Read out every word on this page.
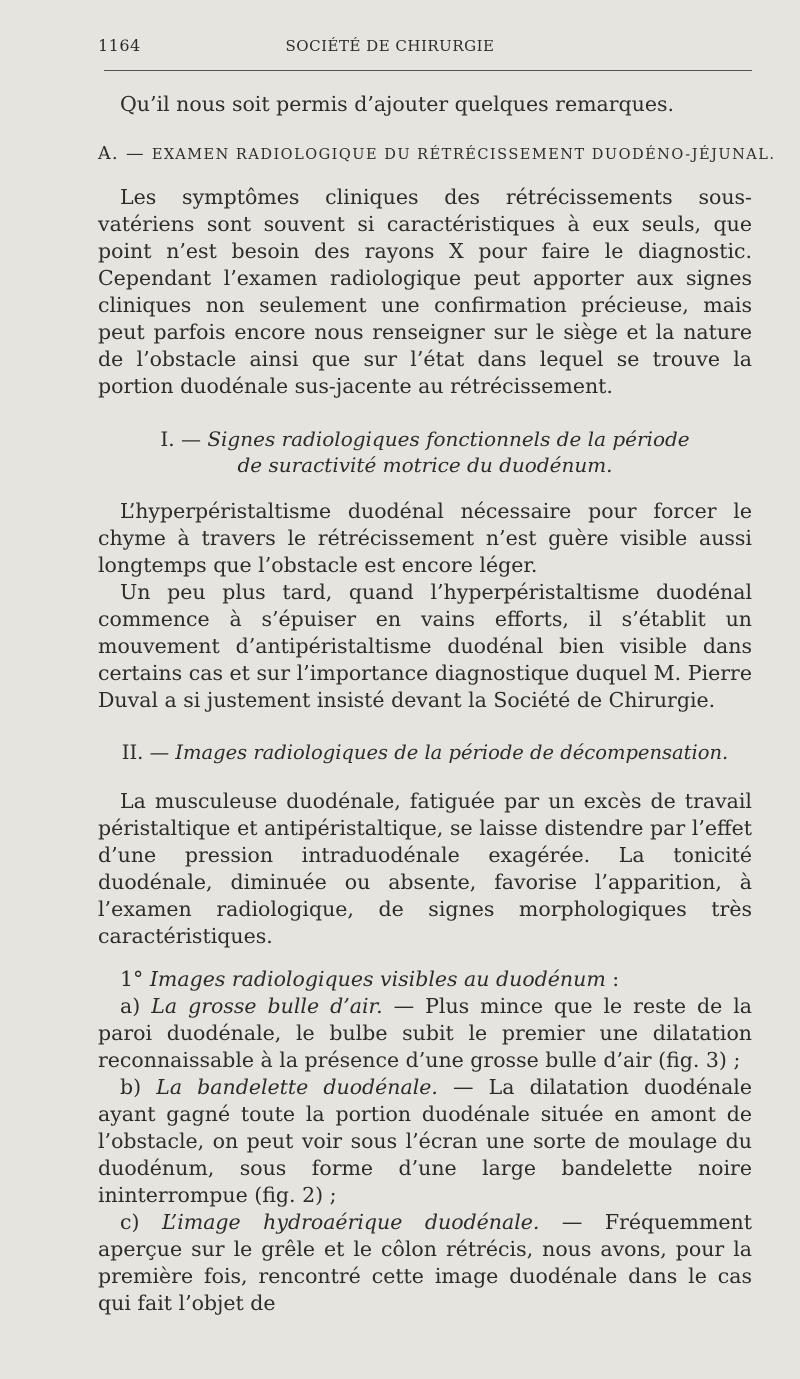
1164	SOCIÉTÉ DE CHIRURGIE

Qu’il nous soit permis d’ajouter quelques remarques.

A. — EXAMEN RADIOLOGIQUE DU RÉTRÉCISSEMENT DUODÉNO-JÉJUNAL.

Les symptômes cliniques des rétrécissements sous-vatériens sont souvent si caractéristiques à eux seuls, que point n’est besoin des rayons X pour faire le diagnostic. Cependant l’examen radiologique peut apporter aux signes cliniques non seulement une confirmation précieuse, mais peut parfois encore nous renseigner sur le siège et la nature de l’obstacle ainsi que sur l’état dans lequel se trouve la portion duodénale sus-jacente au rétrécissement.

I. — Signes radiologiques fonctionnels de la période
de suractivité motrice du duodénum.

L’hyperpéristaltisme duodénal nécessaire pour forcer le chyme à travers le rétrécissement n’est guère visible aussi longtemps que l’obstacle est encore léger.

Un peu plus tard, quand l’hyperpéristaltisme duodénal commence à s’épuiser en vains efforts, il s’établit un mouvement d’antipéristaltisme duodénal bien visible dans certains cas et sur l’importance diagnostique duquel M. Pierre Duval a si justement insisté devant la Société de Chirurgie.

II. — Images radiologiques de la période de décompensation.

La musculeuse duodénale, fatiguée par un excès de travail péristaltique et antipéristaltique, se laisse distendre par l’effet d’une pression intraduodénale exagérée. La tonicité duodénale, diminuée ou absente, favorise l’apparition, à l’examen radiologique, de signes morphologiques très caractéristiques.

1° Images radiologiques visibles au duodénum :

a) La grosse bulle d’air. — Plus mince que le reste de la paroi duodénale, le bulbe subit le premier une dilatation reconnaissable à la présence d’une grosse bulle d’air (fig. 3) ;

b) La bandelette duodénale. — La dilatation duodénale ayant gagné toute la portion duodénale située en amont de l’obstacle, on peut voir sous l’écran une sorte de moulage du duodénum, sous forme d’une large bandelette noire ininterrompue (fig. 2) ;

c) L’image hydroaérique duodénale. — Fréquemment aperçue sur le grêle et le côlon rétrécis, nous avons, pour la première fois, rencontré cette image duodénale dans le cas qui fait l’objet de
